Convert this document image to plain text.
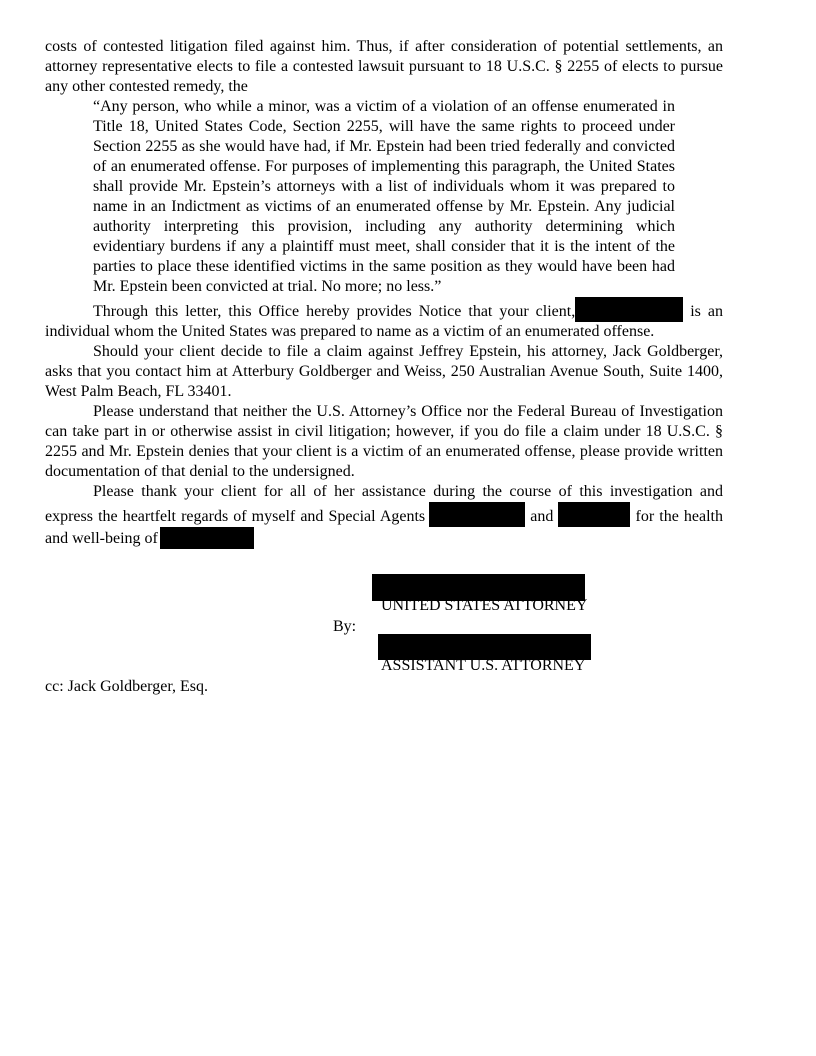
costs of contested litigation filed against him. Thus, if after consideration of potential settlements, an attorney representative elects to file a contested lawsuit pursuant to 18 U.S.C. § 2255 of elects to pursue any other contested remedy, the

“Any person, who while a minor, was a victim of a violation of an offense enumerated in Title 18, United States Code, Section 2255, will have the same rights to proceed under Section 2255 as she would have had, if Mr. Epstein had been tried federally and convicted of an enumerated offense. For purposes of implementing this paragraph, the United States shall provide Mr. Epstein’s attorneys with a list of individuals whom it was prepared to name in an Indictment as victims of an enumerated offense by Mr. Epstein. Any judicial authority interpreting this provision, including any authority determining which evidentiary burdens if any a plaintiff must meet, shall consider that it is the intent of the parties to place these identified victims in the same position as they would have been had Mr. Epstein been convicted at trial. No more; no less.”

Through this letter, this Office hereby provides Notice that your client,	is an individual whom the United States was prepared to name as a victim of an enumerated offense.

Should your client decide to file a claim against Jeffrey Epstein, his attorney, Jack Goldberger, asks that you contact him at Atterbury Goldberger and Weiss, 250 Australian Avenue South, Suite 1400, West Palm Beach, FL 33401.

Please understand that neither the U.S. Attorney’s Office nor the Federal Bureau of Investigation can take part in or otherwise assist in civil litigation; however, if you do file a claim under 18 U.S.C. § 2255 and Mr. Epstein denies that your client is a victim of an enumerated offense, please provide written documentation of that denial to the undersigned.

Please thank your client for all of her assistance during the course of this investigation and express the heartfelt regards of myself and Special Agents	and	for the health and well-being of

UNITED STATES ATTORNEY
By:
ASSISTANT U.S. ATTORNEY
cc: Jack Goldberger, Esq.
